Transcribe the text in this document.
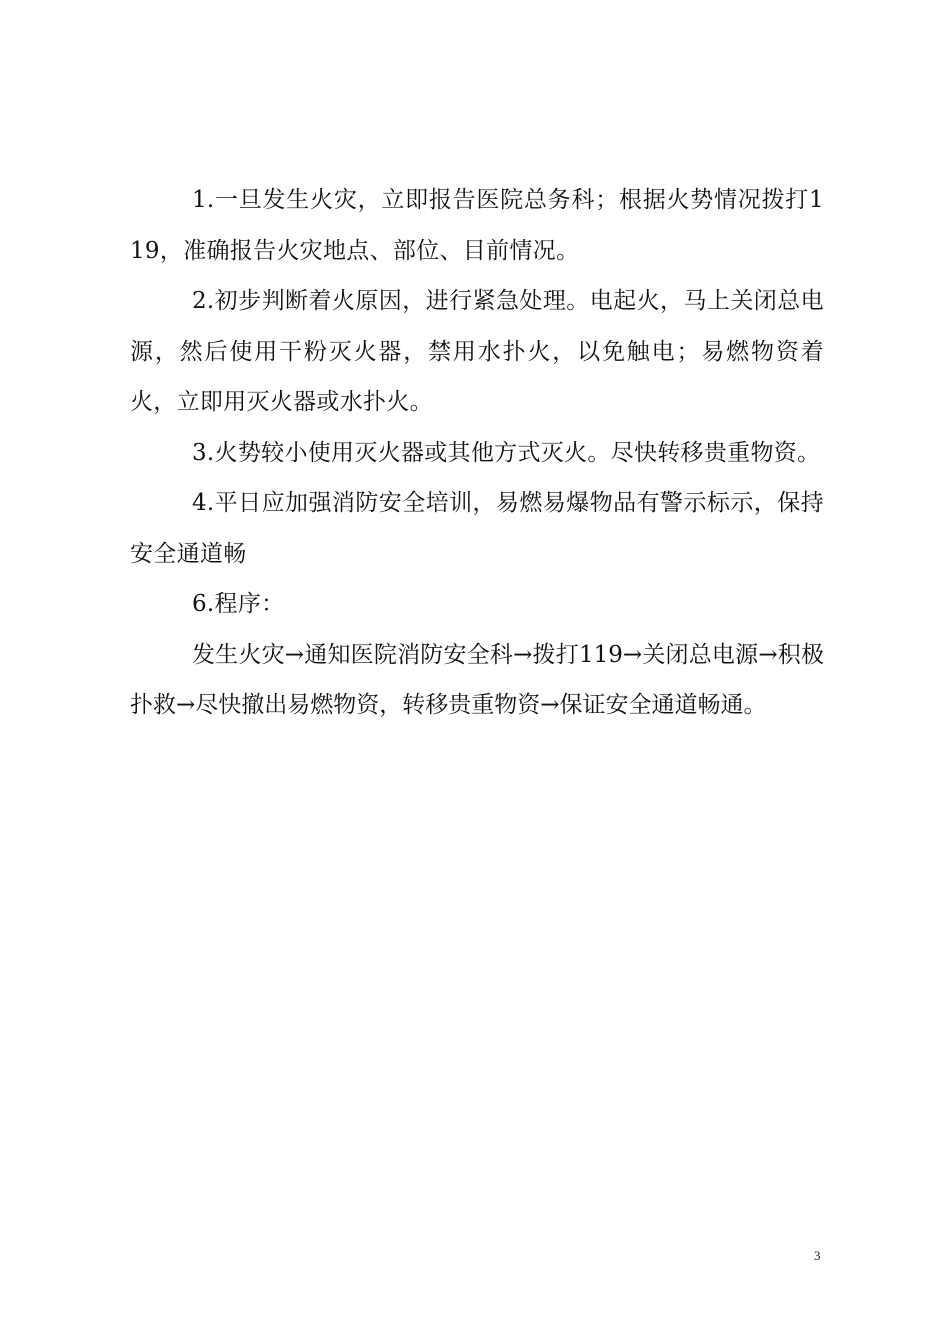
1.一旦发生火灾，立即报告医院总务科；根据火势情况拨打119，准确报告火灾地点、部位、目前情况。

2.初步判断着火原因，进行紧急处理。电起火，马上关闭总电源，然后使用干粉灭火器，禁用水扑火，以免触电；易燃物资着火，立即用灭火器或水扑火。

3.火势较小使用灭火器或其他方式灭火。尽快转移贵重物资。

4.平日应加强消防安全培训，易燃易爆物品有警示标示，保持安全通道畅

6.程序：

发生火灾→通知医院消防安全科→拨打119→关闭总电源→积极扑救→尽快撤出易燃物资，转移贵重物资→保证安全通道畅通。

3
